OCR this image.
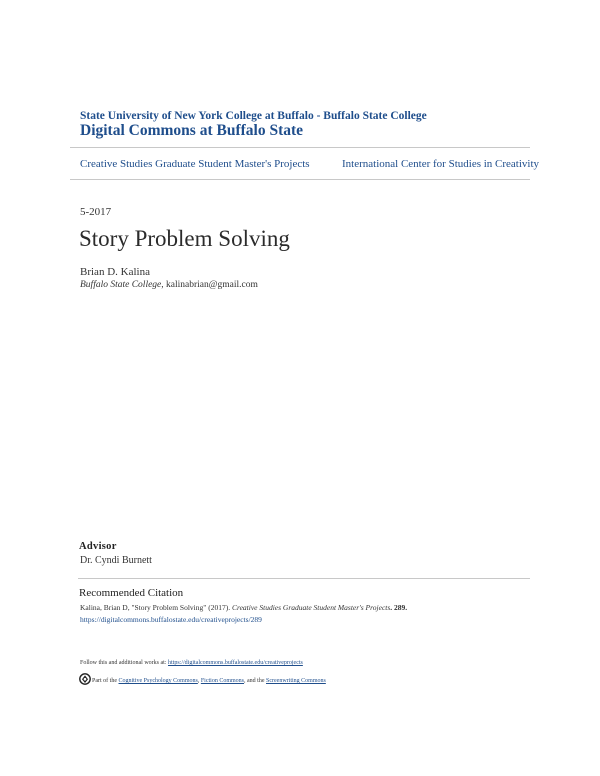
State University of New York College at Buffalo - Buffalo State College
Digital Commons at Buffalo State
Creative Studies Graduate Student Master's Projects	International Center for Studies in Creativity
5-2017
Story Problem Solving
Brian D. Kalina
Buffalo State College, kalinabrian@gmail.com
Advisor
Dr. Cyndi Burnett
Recommended Citation
Kalina, Brian D, "Story Problem Solving" (2017). Creative Studies Graduate Student Master's Projects. 289.
https://digitalcommons.buffalostate.edu/creativeprojects/289
Follow this and additional works at: https://digitalcommons.buffalostate.edu/creativeprojects
Part of the Cognitive Psychology Commons, Fiction Commons, and the Screenwriting Commons
